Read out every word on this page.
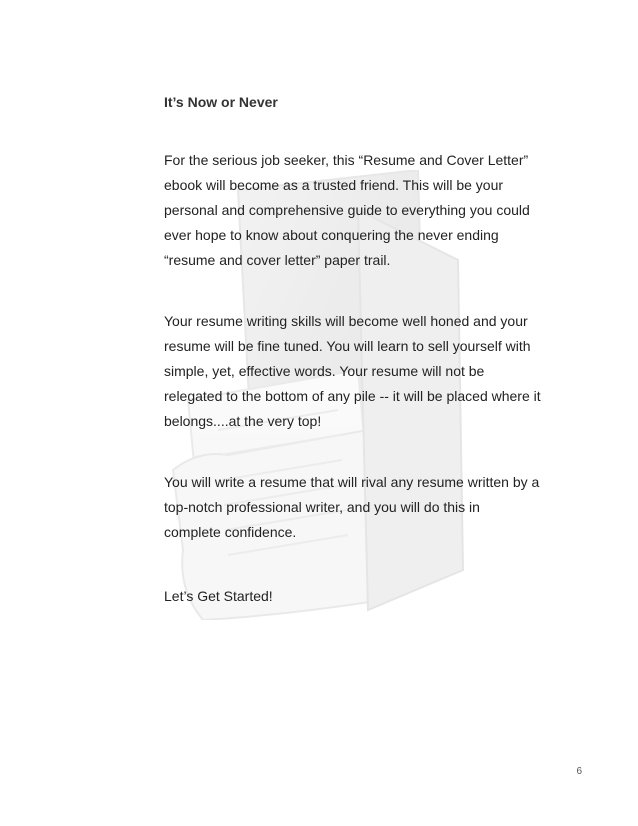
It’s Now or Never
For the serious job seeker, this “Resume and Cover Letter”
ebook will become as a trusted friend. This will be your
personal and comprehensive guide to everything you could
ever hope to know about conquering the never ending
“resume and cover letter” paper trail.
Your resume writing skills will become well honed and your
resume will be fine tuned. You will learn to sell yourself with
simple, yet, effective words. Your resume will not be
relegated to the bottom of any pile -- it will be placed where it
belongs....at the very top!
You will write a resume that will rival any resume written by a
top-notch professional writer, and you will do this in
complete confidence.
Let’s Get Started!
6
